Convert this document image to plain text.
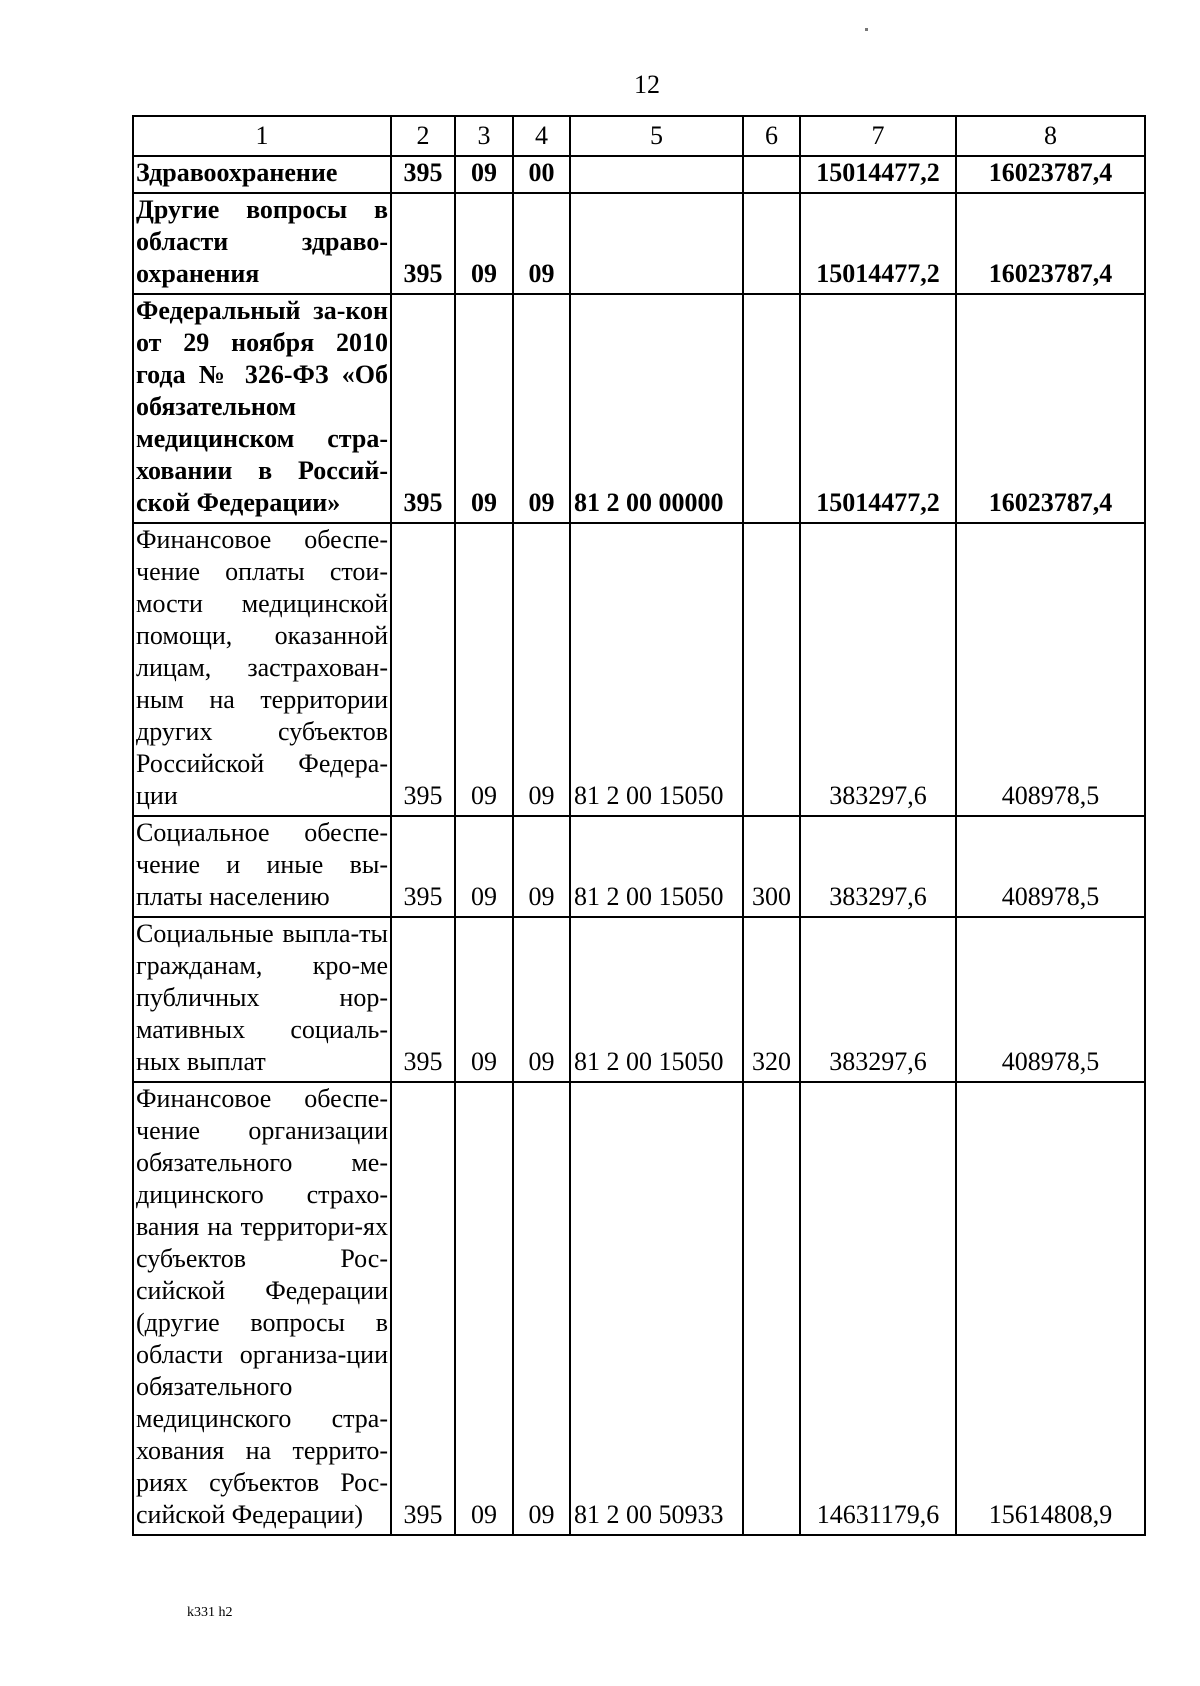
12
1	2	3	4	5	6	7	8

Здравоохранение	395	09	00			15014477,2	16023787,4

Другие вопросы в области здраво-охранения	395	09	09			15014477,2	16023787,4

Федеральный за-кон от 29 ноября 2010 года № 326-ФЗ «Об обязательном медицинском стра-ховании в Россий-ской Федерации»	395	09	09	81 2 00 00000		15014477,2	16023787,4

Финансовое обеспе-чение оплаты стои-мости медицинской помощи, оказанной лицам, застрахован-ным на территории других субъектов Российской Федера-ции	395	09	09	81 2 00 15050		383297,6	408978,5

Социальное обеспе-чение и иные вы-платы населению	395	09	09	81 2 00 15050	300	383297,6	408978,5

Социальные выпла-ты гражданам, кро-ме публичных нор-мативных социаль-ных выплат	395	09	09	81 2 00 15050	320	383297,6	408978,5

Финансовое обеспе-чение организации обязательного ме-дицинского страхо-вания на территори-ях субъектов Рос-сийской Федерации (другие вопросы в области организа-ции обязательного медицинского стра-хования на террито-риях субъектов Рос-сийской Федерации)	395	09	09	81 2 00 50933		14631179,6	15614808,9
k331 h2
